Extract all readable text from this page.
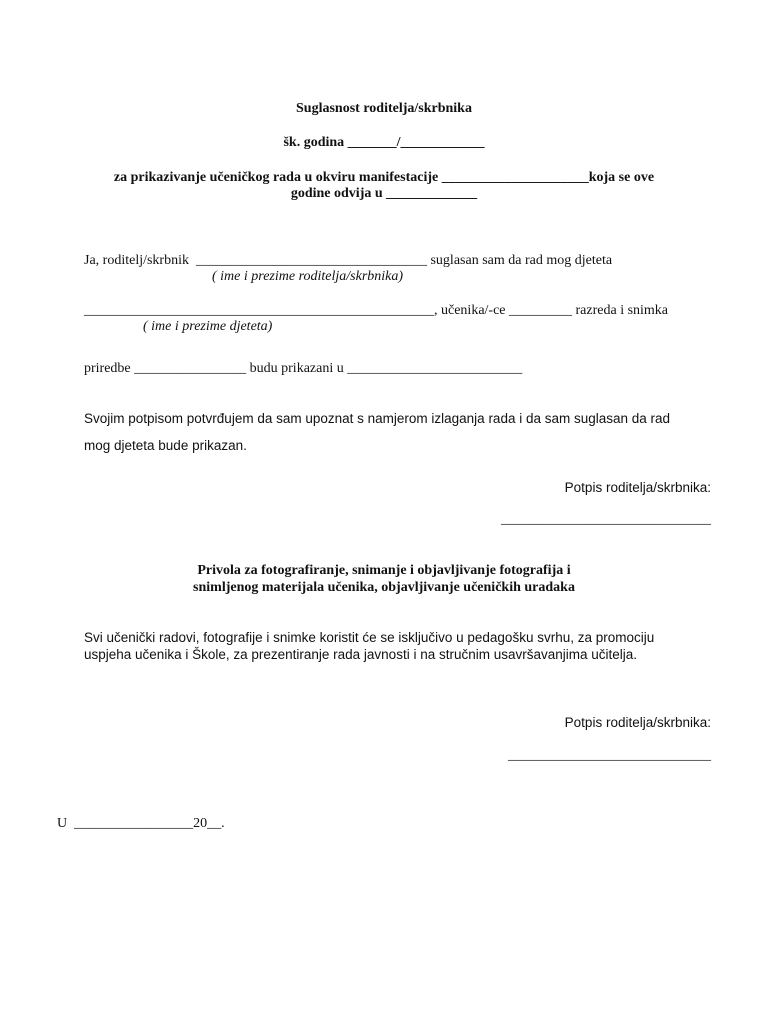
Suglasnost roditelja/skrbnika
šk. godina _______/____________
za prikazivanje učeničkog rada u okviru manifestacije _____________________koja se ove
godine odvija u _____________
Ja, roditelj/skrbnik  _________________________________ suglasan sam da rad mog djeteta
( ime i prezime roditelja/skrbnika)
__________________________________________________, učenika/-ce _________ razreda i snimka
( ime i prezime djeteta)
priredbe ________________ budu prikazani u _________________________
Svojim potpisom potvrđujem da sam upoznat s namjerom izlaganja rada i da sam suglasan da rad
mog djeteta bude prikazan.
Potpis roditelja/skrbnika:
______________________________
Privola za fotografiranje, snimanje i objavljivanje fotografija i
snimljenog materijala učenika, objavljivanje učeničkih uradaka
Svi učenički radovi, fotografije i snimke koristit će se isključivo u pedagošku svrhu, za promociju
uspjeha učenika i Škole, za prezentiranje rada javnosti i na stručnim usavršavanjima učitelja.
Potpis roditelja/skrbnika:
_____________________________
U  _________________20__.
